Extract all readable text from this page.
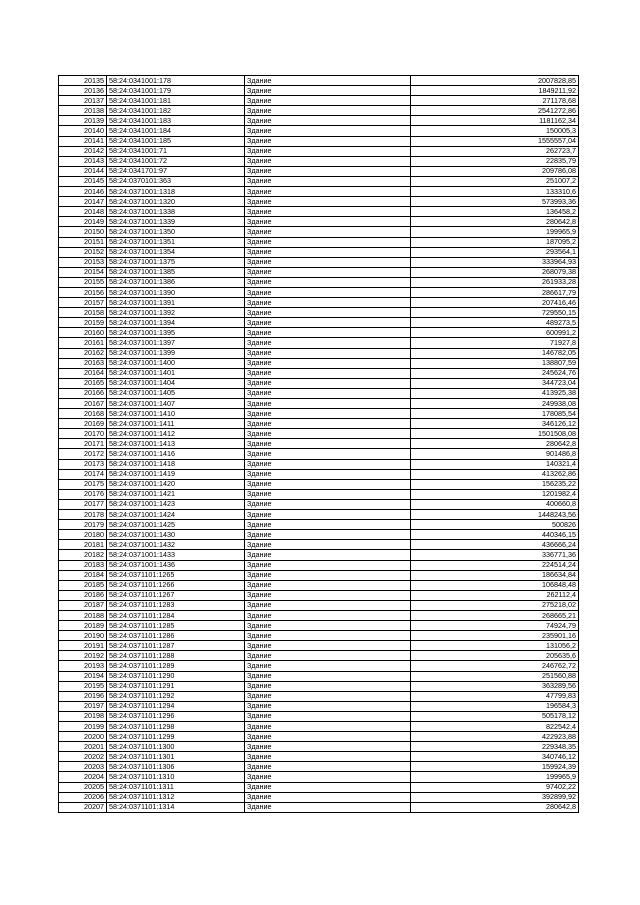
20135	58:24:0341001:178	Здание	2007828,85
20136	58:24:0341001:179	Здание	1849211,92
20137	58:24:0341001:181	Здание	271178,68
20138	58:24:0341001:182	Здание	2541272,86
20139	58:24:0341001:183	Здание	1181162,34
20140	58:24:0341001:184	Здание	150005,3
20141	58:24:0341001:185	Здание	1555557,04
20142	58:24:0341001:71	Здание	262723,7
20143	58:24:0341001:72	Здание	22835,79
20144	58:24:0341701:97	Здание	209786,08
20145	58:24:0370101:363	Здание	251007,2
20146	58:24:0371001:1318	Здание	133310,6
20147	58:24:0371001:1320	Здание	573993,36
20148	58:24:0371001:1338	Здание	136458,2
20149	58:24:0371001:1339	Здание	280642,8
20150	58:24:0371001:1350	Здание	199965,9
20151	58:24:0371001:1351	Здание	187095,2
20152	58:24:0371001:1354	Здание	293564,1
20153	58:24:0371001:1375	Здание	333964,93
20154	58:24:0371001:1385	Здание	268079,38
20155	58:24:0371001:1386	Здание	261933,28
20156	58:24:0371001:1390	Здание	286617,79
20157	58:24:0371001:1391	Здание	207416,46
20158	58:24:0371001:1392	Здание	729550,15
20159	58:24:0371001:1394	Здание	489273,5
20160	58:24:0371001:1395	Здание	600991,2
20161	58:24:0371001:1397	Здание	71927,8
20162	58:24:0371001:1399	Здание	146782,05
20163	58:24:0371001:1400	Здание	138807,59
20164	58:24:0371001:1401	Здание	245624,76
20165	58:24:0371001:1404	Здание	344723,04
20166	58:24:0371001:1405	Здание	413925,38
20167	58:24:0371001:1407	Здание	249938,08
20168	58:24:0371001:1410	Здание	178085,54
20169	58:24:0371001:1411	Здание	346126,12
20170	58:24:0371001:1412	Здание	1501508,08
20171	58:24:0371001:1413	Здание	280642,8
20172	58:24:0371001:1416	Здание	901486,8
20173	58:24:0371001:1418	Здание	140321,4
20174	58:24:0371001:1419	Здание	413262,86
20175	58:24:0371001:1420	Здание	156235,22
20176	58:24:0371001:1421	Здание	1201982,4
20177	58:24:0371001:1423	Здание	400660,8
20178	58:24:0371001:1424	Здание	1448243,56
20179	58:24:0371001:1425	Здание	500826
20180	58:24:0371001:1430	Здание	440346,15
20181	58:24:0371001:1432	Здание	436666,24
20182	58:24:0371001:1433	Здание	336771,36
20183	58:24:0371001:1436	Здание	224514,24
20184	58:24:0371101:1265	Здание	186634,84
20185	58:24:0371101:1266	Здание	106848,48
20186	58:24:0371101:1267	Здание	262112,4
20187	58:24:0371101:1283	Здание	275218,02
20188	58:24:0371101:1284	Здание	268665,21
20189	58:24:0371101:1285	Здание	74924,79
20190	58:24:0371101:1286	Здание	235901,16
20191	58:24:0371101:1287	Здание	131056,2
20192	58:24:0371101:1288	Здание	205635,6
20193	58:24:0371101:1289	Здание	246762,72
20194	58:24:0371101:1290	Здание	251560,88
20195	58:24:0371101:1291	Здание	363289,56
20196	58:24:0371101:1292	Здание	47799,83
20197	58:24:0371101:1294	Здание	196584,3
20198	58:24:0371101:1296	Здание	505178,12
20199	58:24:0371101:1298	Здание	822542,4
20200	58:24:0371101:1299	Здание	422923,88
20201	58:24:0371101:1300	Здание	229348,35
20202	58:24:0371101:1301	Здание	340746,12
20203	58:24:0371101:1306	Здание	159924,39
20204	58:24:0371101:1310	Здание	199965,9
20205	58:24:0371101:1311	Здание	97402,22
20206	58:24:0371101:1312	Здание	392899,92
20207	58:24:0371101:1314	Здание	280642,8
